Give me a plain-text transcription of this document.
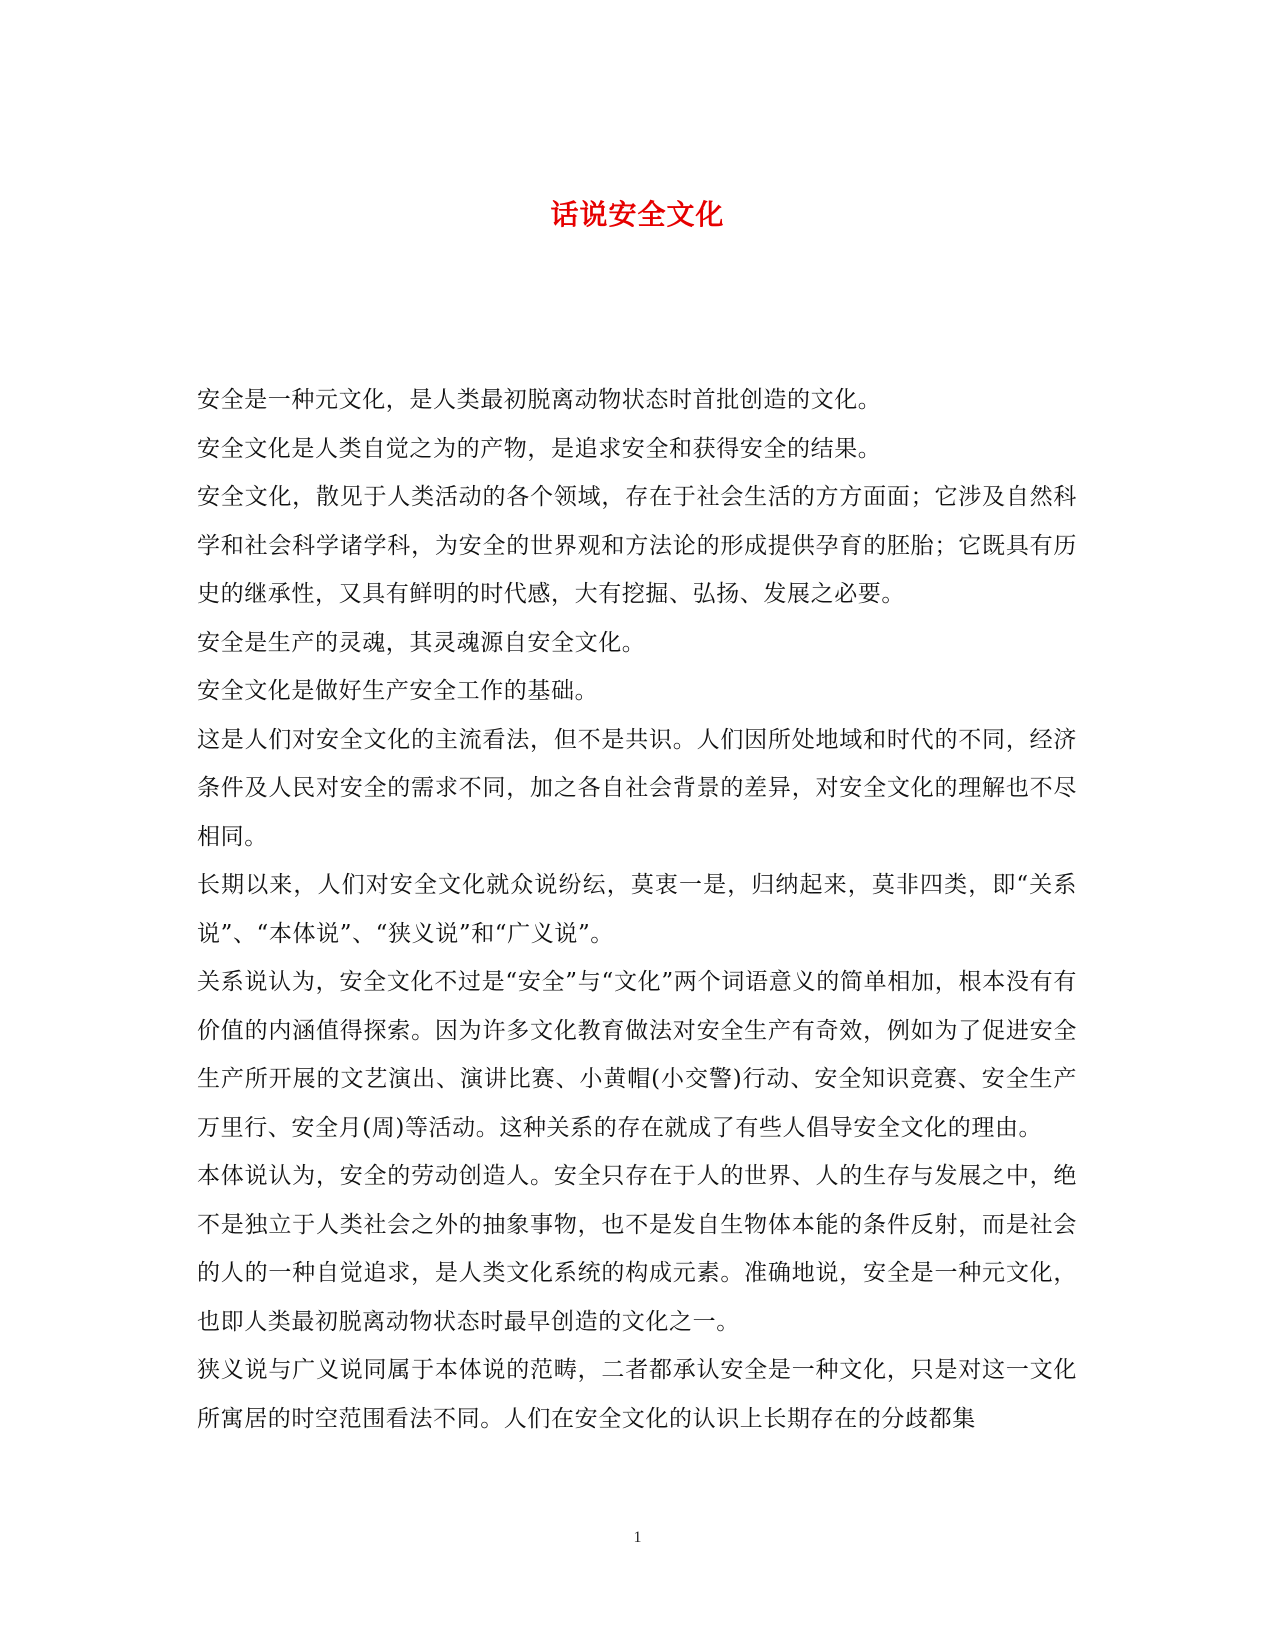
话说安全文化

安全是一种元文化，是人类最初脱离动物状态时首批创造的文化。

安全文化是人类自觉之为的产物，是追求安全和获得安全的结果。

安全文化，散见于人类活动的各个领域，存在于社会生活的方方面面；它涉及自然科学和社会科学诸学科，为安全的世界观和方法论的形成提供孕育的胚胎；它既具有历史的继承性，又具有鲜明的时代感，大有挖掘、弘扬、发展之必要。

安全是生产的灵魂，其灵魂源自安全文化。

安全文化是做好生产安全工作的基础。

这是人们对安全文化的主流看法，但不是共识。人们因所处地域和时代的不同，经济条件及人民对安全的需求不同，加之各自社会背景的差异，对安全文化的理解也不尽相同。

长期以来，人们对安全文化就众说纷纭，莫衷一是，归纳起来，莫非四类，即“关系说”、“本体说”、“狭义说”和“广义说”。

关系说认为，安全文化不过是“安全”与“文化”两个词语意义的简单相加，根本没有有价值的内涵值得探索。因为许多文化教育做法对安全生产有奇效，例如为了促进安全生产所开展的文艺演出、演讲比赛、小黄帽(小交警)行动、安全知识竞赛、安全生产万里行、安全月(周)等活动。这种关系的存在就成了有些人倡导安全文化的理由。

本体说认为，安全的劳动创造人。安全只存在于人的世界、人的生存与发展之中，绝不是独立于人类社会之外的抽象事物，也不是发自生物体本能的条件反射，而是社会的人的一种自觉追求，是人类文化系统的构成元素。准确地说，安全是一种元文化，也即人类最初脱离动物状态时最早创造的文化之一。

狭义说与广义说同属于本体说的范畴，二者都承认安全是一种文化，只是对这一文化所寓居的时空范围看法不同。人们在安全文化的认识上长期存在的分歧都集

1
